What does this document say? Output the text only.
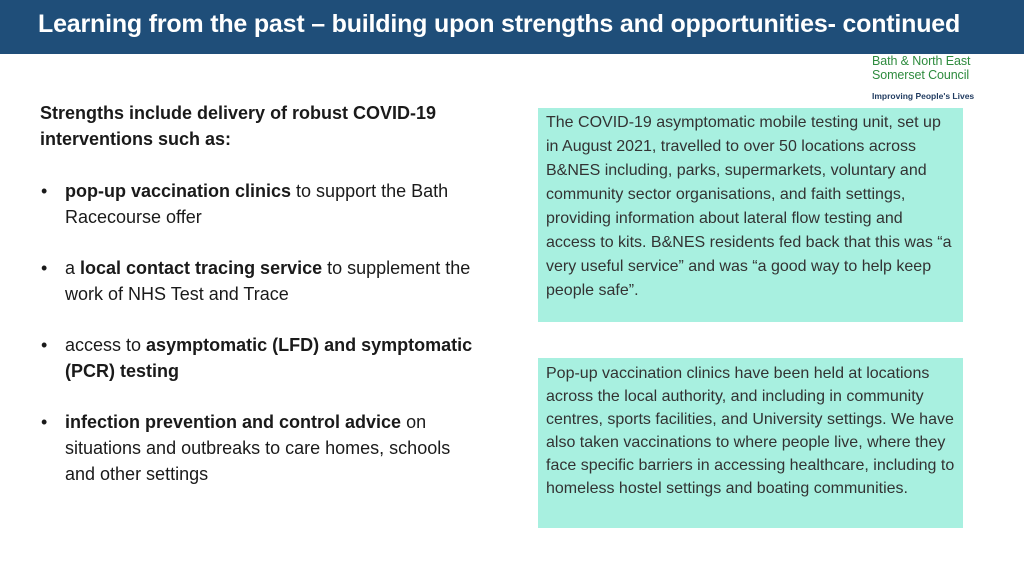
Learning from the past – building upon strengths and opportunities- continued
Bath & North East
Somerset Council
Improving People's Lives

Strengths include delivery of robust COVID-19 interventions such as:

• pop-up vaccination clinics to support the Bath Racecourse offer
• a local contact tracing service to supplement the work of NHS Test and Trace
• access to asymptomatic (LFD) and symptomatic (PCR) testing
• infection prevention and control advice on situations and outbreaks to care homes, schools and other settings
The COVID-19 asymptomatic mobile testing unit, set up in August 2021, travelled to over 50 locations across B&NES including, parks, supermarkets, voluntary and community sector organisations, and faith settings, providing information about lateral flow testing and access to kits. B&NES residents fed back that this was “a very useful service” and was “a good way to help keep people safe”.
Pop-up vaccination clinics have been held at locations across the local authority, and including in community centres, sports facilities, and University settings. We have also taken vaccinations to where people live, where they face specific barriers in accessing healthcare, including to homeless hostel settings and boating communities.
